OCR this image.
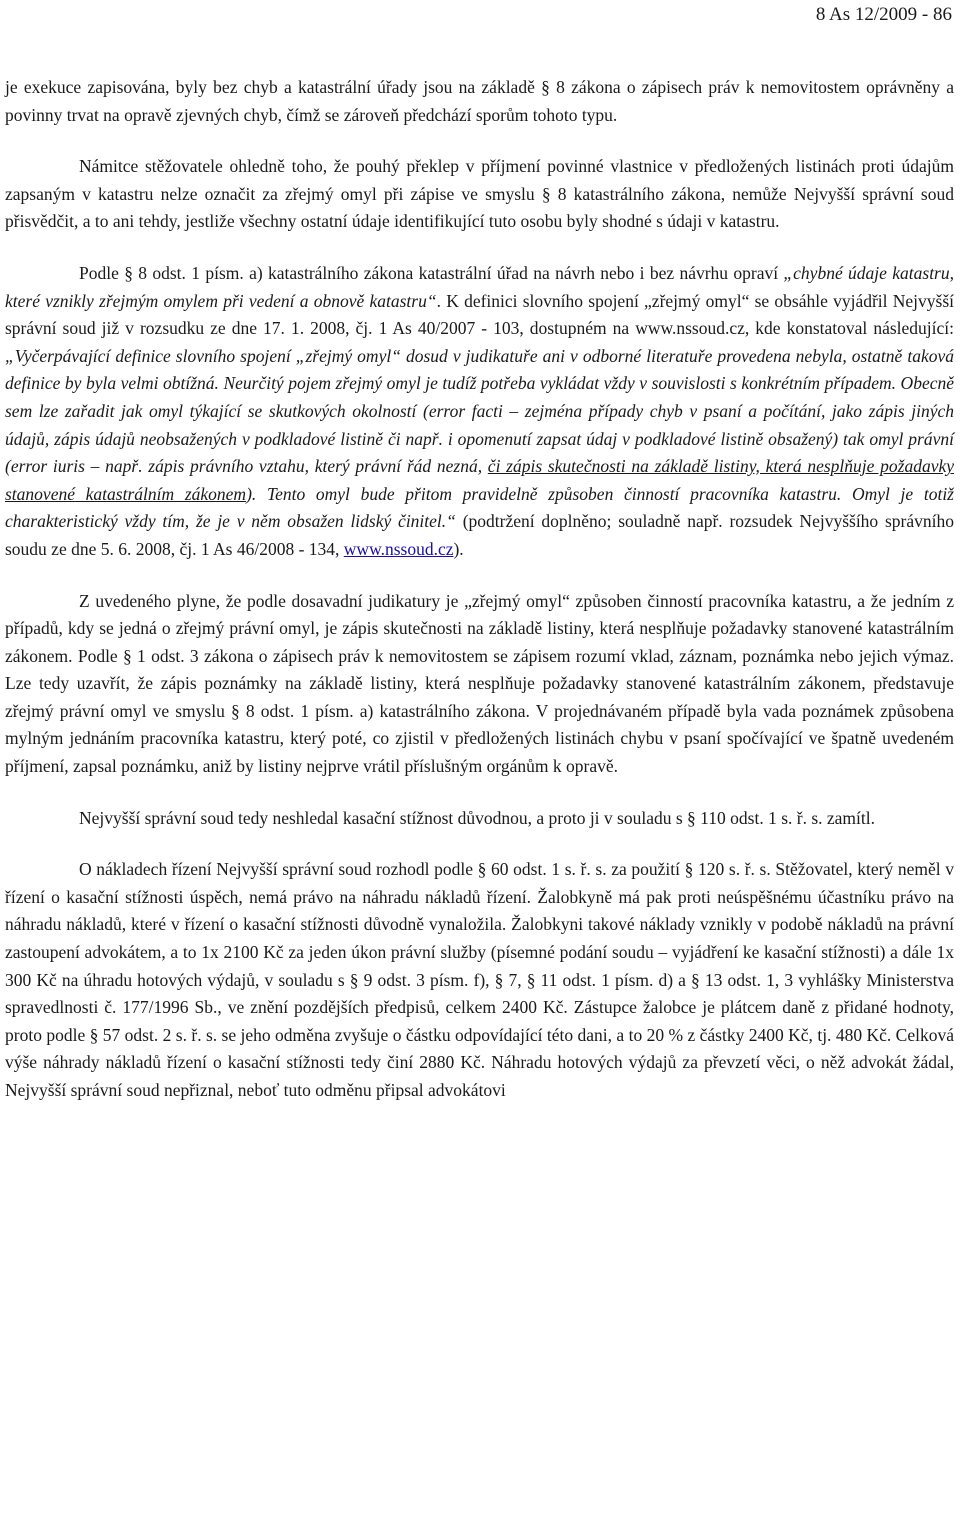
8 As 12/2009 - 86

je exekuce zapisována, byly bez chyb a katastrální úřady jsou na základě § 8 zákona o zápisech práv k nemovitostem oprávněny a povinny trvat na opravě zjevných chyb, čímž se zároveň předchází sporům tohoto typu.

Námitce stěžovatele ohledně toho, že pouhý překlep v příjmení povinné vlastnice v předložených listinách proti údajům zapsaným v katastru nelze označit za zřejmý omyl při zápise ve smyslu § 8 katastrálního zákona, nemůže Nejvyšší správní soud přisvědčit, a to ani tehdy, jestliže všechny ostatní údaje identifikující tuto osobu byly shodné s údaji v katastru.

Podle § 8 odst. 1 písm. a) katastrálního zákona katastrální úřad na návrh nebo i bez návrhu opraví „chybné údaje katastru, které vznikly zřejmým omylem při vedení a obnově katastru“. K definici slovního spojení „zřejmý omyl“ se obsáhle vyjádřil Nejvyšší správní soud již v rozsudku ze dne 17. 1. 2008, čj. 1 As 40/2007 - 103, dostupném na www.nssoud.cz, kde konstatoval následující: „Vyčerpávající definice slovního spojení „zřejmý omyl“ dosud v judikatuře ani v odborné literatuře provedena nebyla, ostatně taková definice by byla velmi obtížná. Neurčitý pojem zřejmý omyl je tudíž potřeba vykládat vždy v souvislosti s konkrétním případem. Obecně sem lze zařadit jak omyl týkající se skutkových okolností (error facti – zejména případy chyb v psaní a počítání, jako zápis jiných údajů, zápis údajů neobsažených v podkladové listině či např. i opomenutí zapsat údaj v podkladové listině obsažený) tak omyl právní (error iuris – např. zápis právního vztahu, který právní řád nezná, či zápis skutečnosti na základě listiny, která nesplňuje požadavky stanovené katastrálním zákonem). Tento omyl bude přitom pravidelně způsoben činností pracovníka katastru. Omyl je totiž charakteristický vždy tím, že je v něm obsažen lidský činitel.“ (podtržení doplněno; souladně např. rozsudek Nejvyššího správního soudu ze dne 5. 6. 2008, čj. 1 As 46/2008 - 134, www.nssoud.cz).

Z uvedeného plyne, že podle dosavadní judikatury je „zřejmý omyl“ způsoben činností pracovníka katastru, a že jedním z případů, kdy se jedná o zřejmý právní omyl, je zápis skutečnosti na základě listiny, která nesplňuje požadavky stanovené katastrálním zákonem. Podle § 1 odst. 3 zákona o zápisech práv k nemovitostem se zápisem rozumí vklad, záznam, poznámka nebo jejich výmaz. Lze tedy uzavřít, že zápis poznámky na základě listiny, která nesplňuje požadavky stanovené katastrálním zákonem, představuje zřejmý právní omyl ve smyslu § 8 odst. 1 písm. a) katastrálního zákona. V projednávaném případě byla vada poznámek způsobena mylným jednáním pracovníka katastru, který poté, co zjistil v předložených listinách chybu v psaní spočívající ve špatně uvedeném příjmení, zapsal poznámku, aniž by listiny nejprve vrátil příslušným orgánům k opravě.

Nejvyšší správní soud tedy neshledal kasační stížnost důvodnou, a proto ji v souladu s § 110 odst. 1 s. ř. s. zamítl.

O nákladech řízení Nejvyšší správní soud rozhodl podle § 60 odst. 1 s. ř. s. za použití § 120 s. ř. s. Stěžovatel, který neměl v řízení o kasační stížnosti úspěch, nemá právo na náhradu nákladů řízení. Žalobkyně má pak proti neúspěšnému účastníku právo na náhradu nákladů, které v řízení o kasační stížnosti důvodně vynaložila. Žalobkyni takové náklady vznikly v podobě nákladů na právní zastoupení advokátem, a to 1x 2100 Kč za jeden úkon právní služby (písemné podání soudu – vyjádření ke kasační stížnosti) a dále 1x 300 Kč na úhradu hotových výdajů, v souladu s § 9 odst. 3 písm. f), § 7, § 11 odst. 1 písm. d) a § 13 odst. 1, 3 vyhlášky Ministerstva spravedlnosti č. 177/1996 Sb., ve znění pozdějších předpisů, celkem 2400 Kč. Zástupce žalobce je plátcem daně z přidané hodnoty, proto podle § 57 odst. 2 s. ř. s. se jeho odměna zvyšuje o částku odpovídající této dani, a to 20 % z částky 2400 Kč, tj. 480 Kč. Celková výše náhrady nákladů řízení o kasační stížnosti tedy činí 2880 Kč. Náhradu hotových výdajů za převzetí věci, o něž advokát žádal, Nejvyšší správní soud nepřiznal, neboť tuto odměnu připsal advokátovi
